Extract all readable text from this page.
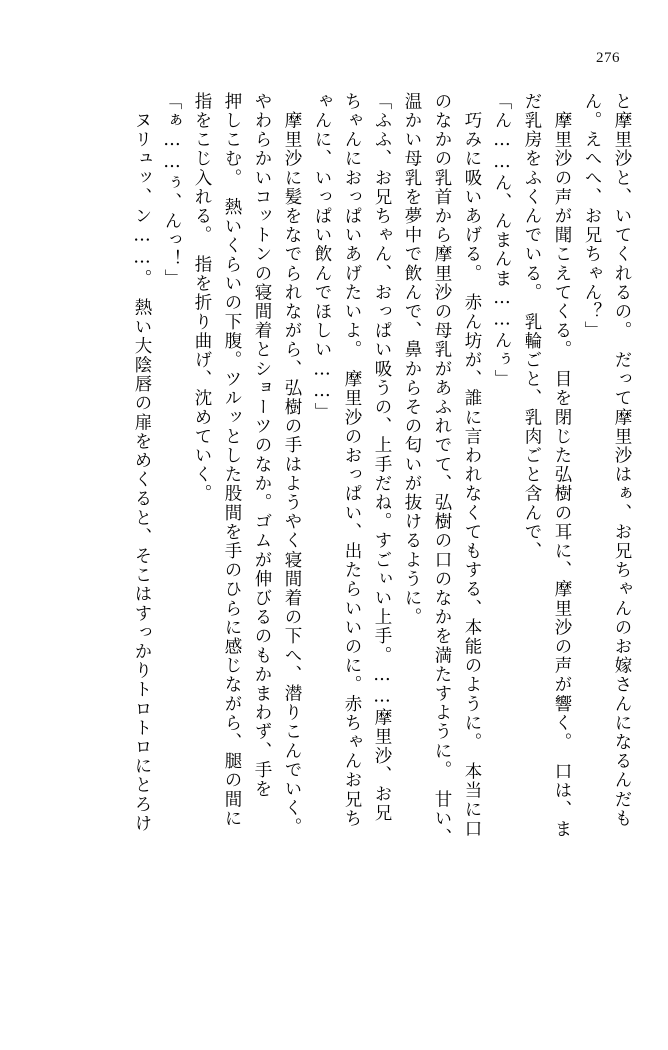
276
と摩里沙と、いてくれるの。　だって摩里沙はぁ、お兄ちゃんのお嫁さんになるんだも
ん。えへへ、お兄ちゃん？」
　摩里沙の声が聞こえてくる。　目を閉じた弘樹の耳に、摩里沙の声が響く。　口は、ま
だ乳房をふくんでいる。　乳輪ごと、乳肉ごと含んで、
「ん……ん、んまんま……んぅ」
　巧みに吸いあげる。　赤ん坊が、誰に言われなくてもする、本能のように。　本当に口
のなかの乳首から摩里沙の母乳があふれでて、弘樹の口のなかを満たすように。　甘い、
温かい母乳を夢中で飲んで、鼻からその匂いが抜けるように。
「ふふ、お兄ちゃん、おっぱい吸うの、上手だね。すごぃい上手。……摩里沙、お兄
ちゃんにおっぱいあげたいよ。　摩里沙のおっぱい、出たらいいのに。赤ちゃんお兄ち
ゃんに、いっぱい飲んでほしい……」
　摩里沙に髪をなでられながら、弘樹の手はようやく寝間着の下へ、潜りこんでいく。
やわらかいコットンの寝間着とショーツのなか。ゴムが伸びるのもかまわず、手を
押しこむ。　熱いくらいの下腹。ツルッとした股間を手のひらに感じながら、腿の間に
指をこじ入れる。　指を折り曲げ、沈めていく。
「ぁ……ぅ、んっ！」
　ヌリュッ、ン……。　熱い大陰唇の扉をめくると、そこはすっかりトロトロにとろけ
